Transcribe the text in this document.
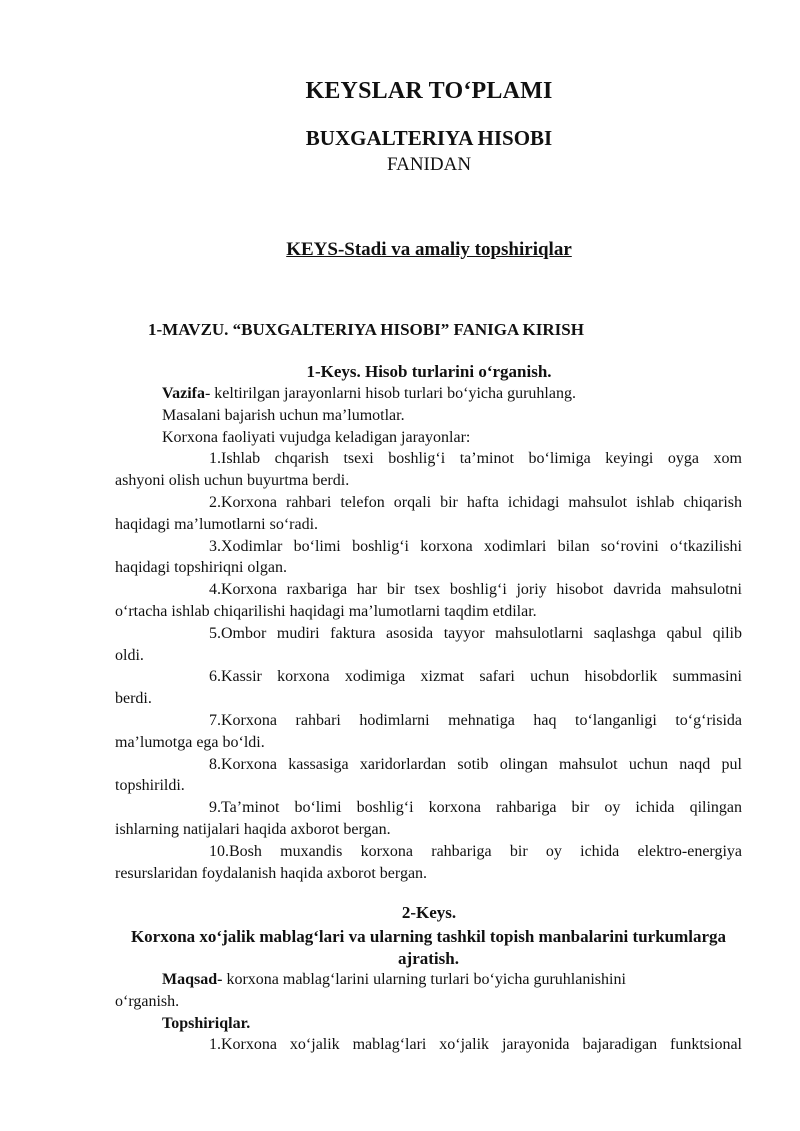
KEYSLAR TO‘PLAMI
BUXGALTERIYA HISOBI
FANIDAN
KEYS-Stadi va amaliy topshiriqlar
1-MAVZU. “BUXGALTERIYA HISOBI” FANIGA KIRISH
1-Keys. Hisob turlarini o‘rganish.

Vazifa- keltirilgan jarayonlarni hisob turlari bo‘yicha guruhlang.

Masalani bajarish uchun ma’lumotlar.

Korxona faoliyati vujudga keladigan jarayonlar:

1.Ishlab chqarish tsexi boshlig‘i ta’minot bo‘limiga keyingi oyga xom
ashyoni olish uchun buyurtma berdi.
2.Korxona rahbari telefon orqali bir hafta ichidagi mahsulot ishlab chiqarish
haqidagi ma’lumotlarni so‘radi.
3.Xodimlar bo‘limi boshlig‘i korxona xodimlari bilan so‘rovini o‘tkazilishi
haqidagi topshiriqni olgan.
4.Korxona raxbariga har bir tsex boshlig‘i joriy hisobot davrida mahsulotni
o‘rtacha ishlab chiqarilishi haqidagi ma’lumotlarni taqdim etdilar.
5.Ombor mudiri faktura asosida tayyor mahsulotlarni saqlashga qabul qilib
oldi.
6.Kassir korxona xodimiga xizmat safari uchun hisobdorlik summasini
berdi.
7.Korxona rahbari hodimlarni mehnatiga haq to‘langanligi to‘g‘risida
ma’lumotga ega bo‘ldi.
8.Korxona kassasiga xaridorlardan sotib olingan mahsulot uchun naqd pul
topshirildi.
9.Ta’minot bo‘limi boshlig‘i korxona rahbariga bir oy ichida qilingan
ishlarning natijalari haqida axborot bergan.
10.Bosh muxandis korxona rahbariga bir oy ichida elektro-energiya
resurslaridan foydalanish haqida axborot bergan.
2-Keys.
Korxona xo‘jalik mablag‘lari va ularning tashkil topish manbalarini turkumlarga ajratish.

Maqsad- korxona mablag‘larini ularning turlari bo‘yicha guruhlanishini

o‘rganish.

Topshiriqlar.

1.Korxona xo‘jalik mablag‘lari xo‘jalik jarayonida bajaradigan funktsional
